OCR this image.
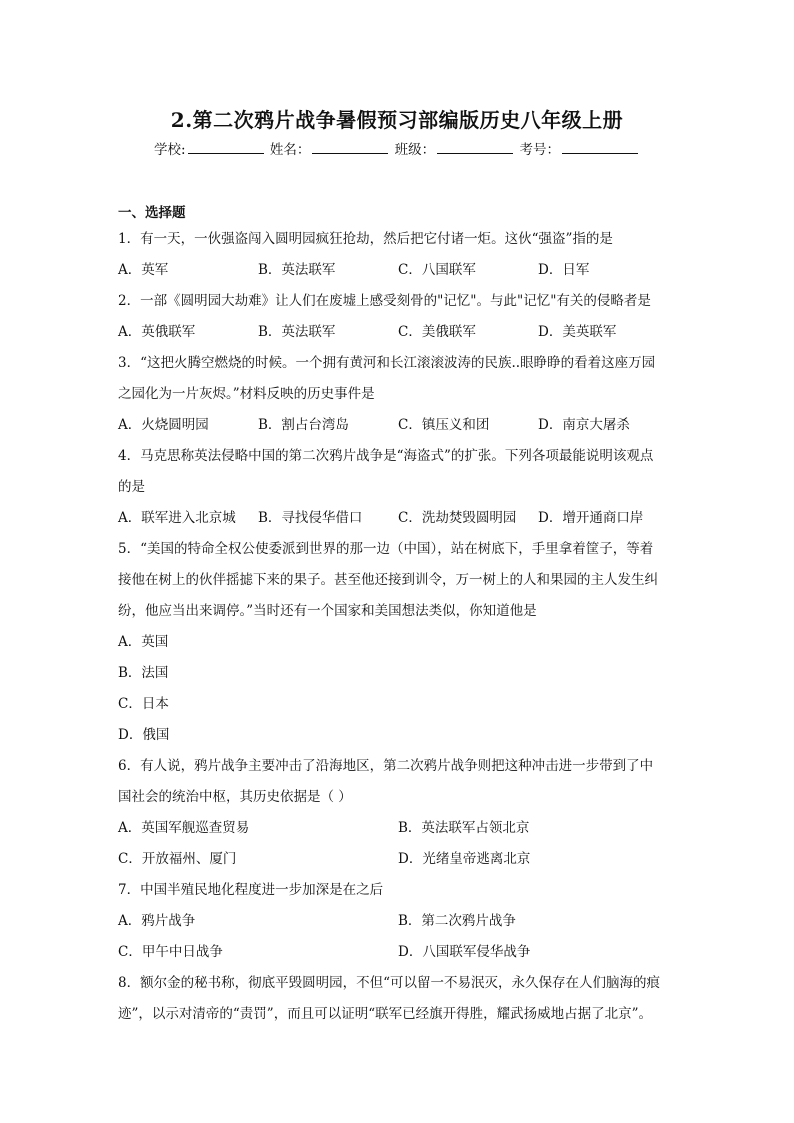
2.第二次鸦片战争暑假预习部编版历史八年级上册
学校:	姓名：	班级：	考号：
一、选择题
1．有一天，一伙强盗闯入圆明园疯狂抢劫，然后把它付诸一炬。这伙“强盗”指的是
A．英军	B．英法联军	C．八国联军	D．日军
2．一部《圆明园大劫难》让人们在废墟上感受刻骨的"记忆"。与此"记忆"有关的侵略者是
A．英俄联军	B．英法联军	C．美俄联军	D．美英联军
3．“这把火腾空燃烧的时候。一个拥有黄河和长江滚滚波涛的民族..眼睁睁的看着这座万园
之园化为一片灰烬。”材料反映的历史事件是
A．火烧圆明园	B．割占台湾岛	C．镇压义和团	D．南京大屠杀
4．马克思称英法侵略中国的第二次鸦片战争是“海盗式”的扩张。下列各项最能说明该观点
的是
A．联军进入北京城	B．寻找侵华借口	C．洗劫焚毁圆明园	D．增开通商口岸
5．“美国的特命全权公使委派到世界的那一边（中国），站在树底下，手里拿着筐子，等着
接他在树上的伙伴摇摅下来的果子。甚至他还接到训令，万一树上的人和果园的主人发生纠
纷，他应当出来调停。”当时还有一个国家和美国想法类似，你知道他是
A．英国
B．法国
C．日本
D．俄国
6．有人说，鸦片战争主要冲击了沿海地区，第二次鸦片战争则把这种冲击进一步带到了中
国社会的统治中枢，其历史依据是（ ）
A．英国军舰巡查贸易	B．英法联军占领北京
C．开放福州、厦门	D．光绪皇帝逃离北京
7．中国半殖民地化程度进一步加深是在之后
A．鸦片战争	B．第二次鸦片战争
C．甲午中日战争	D．八国联军侵华战争
8．额尔金的秘书称，彻底平毁圆明园，不但“可以留一不易泯灭，永久保存在人们脑海的痕
迹”，以示对清帝的“责罚”，而且可以证明“联军已经旗开得胜，耀武扬威地占据了北京”。
